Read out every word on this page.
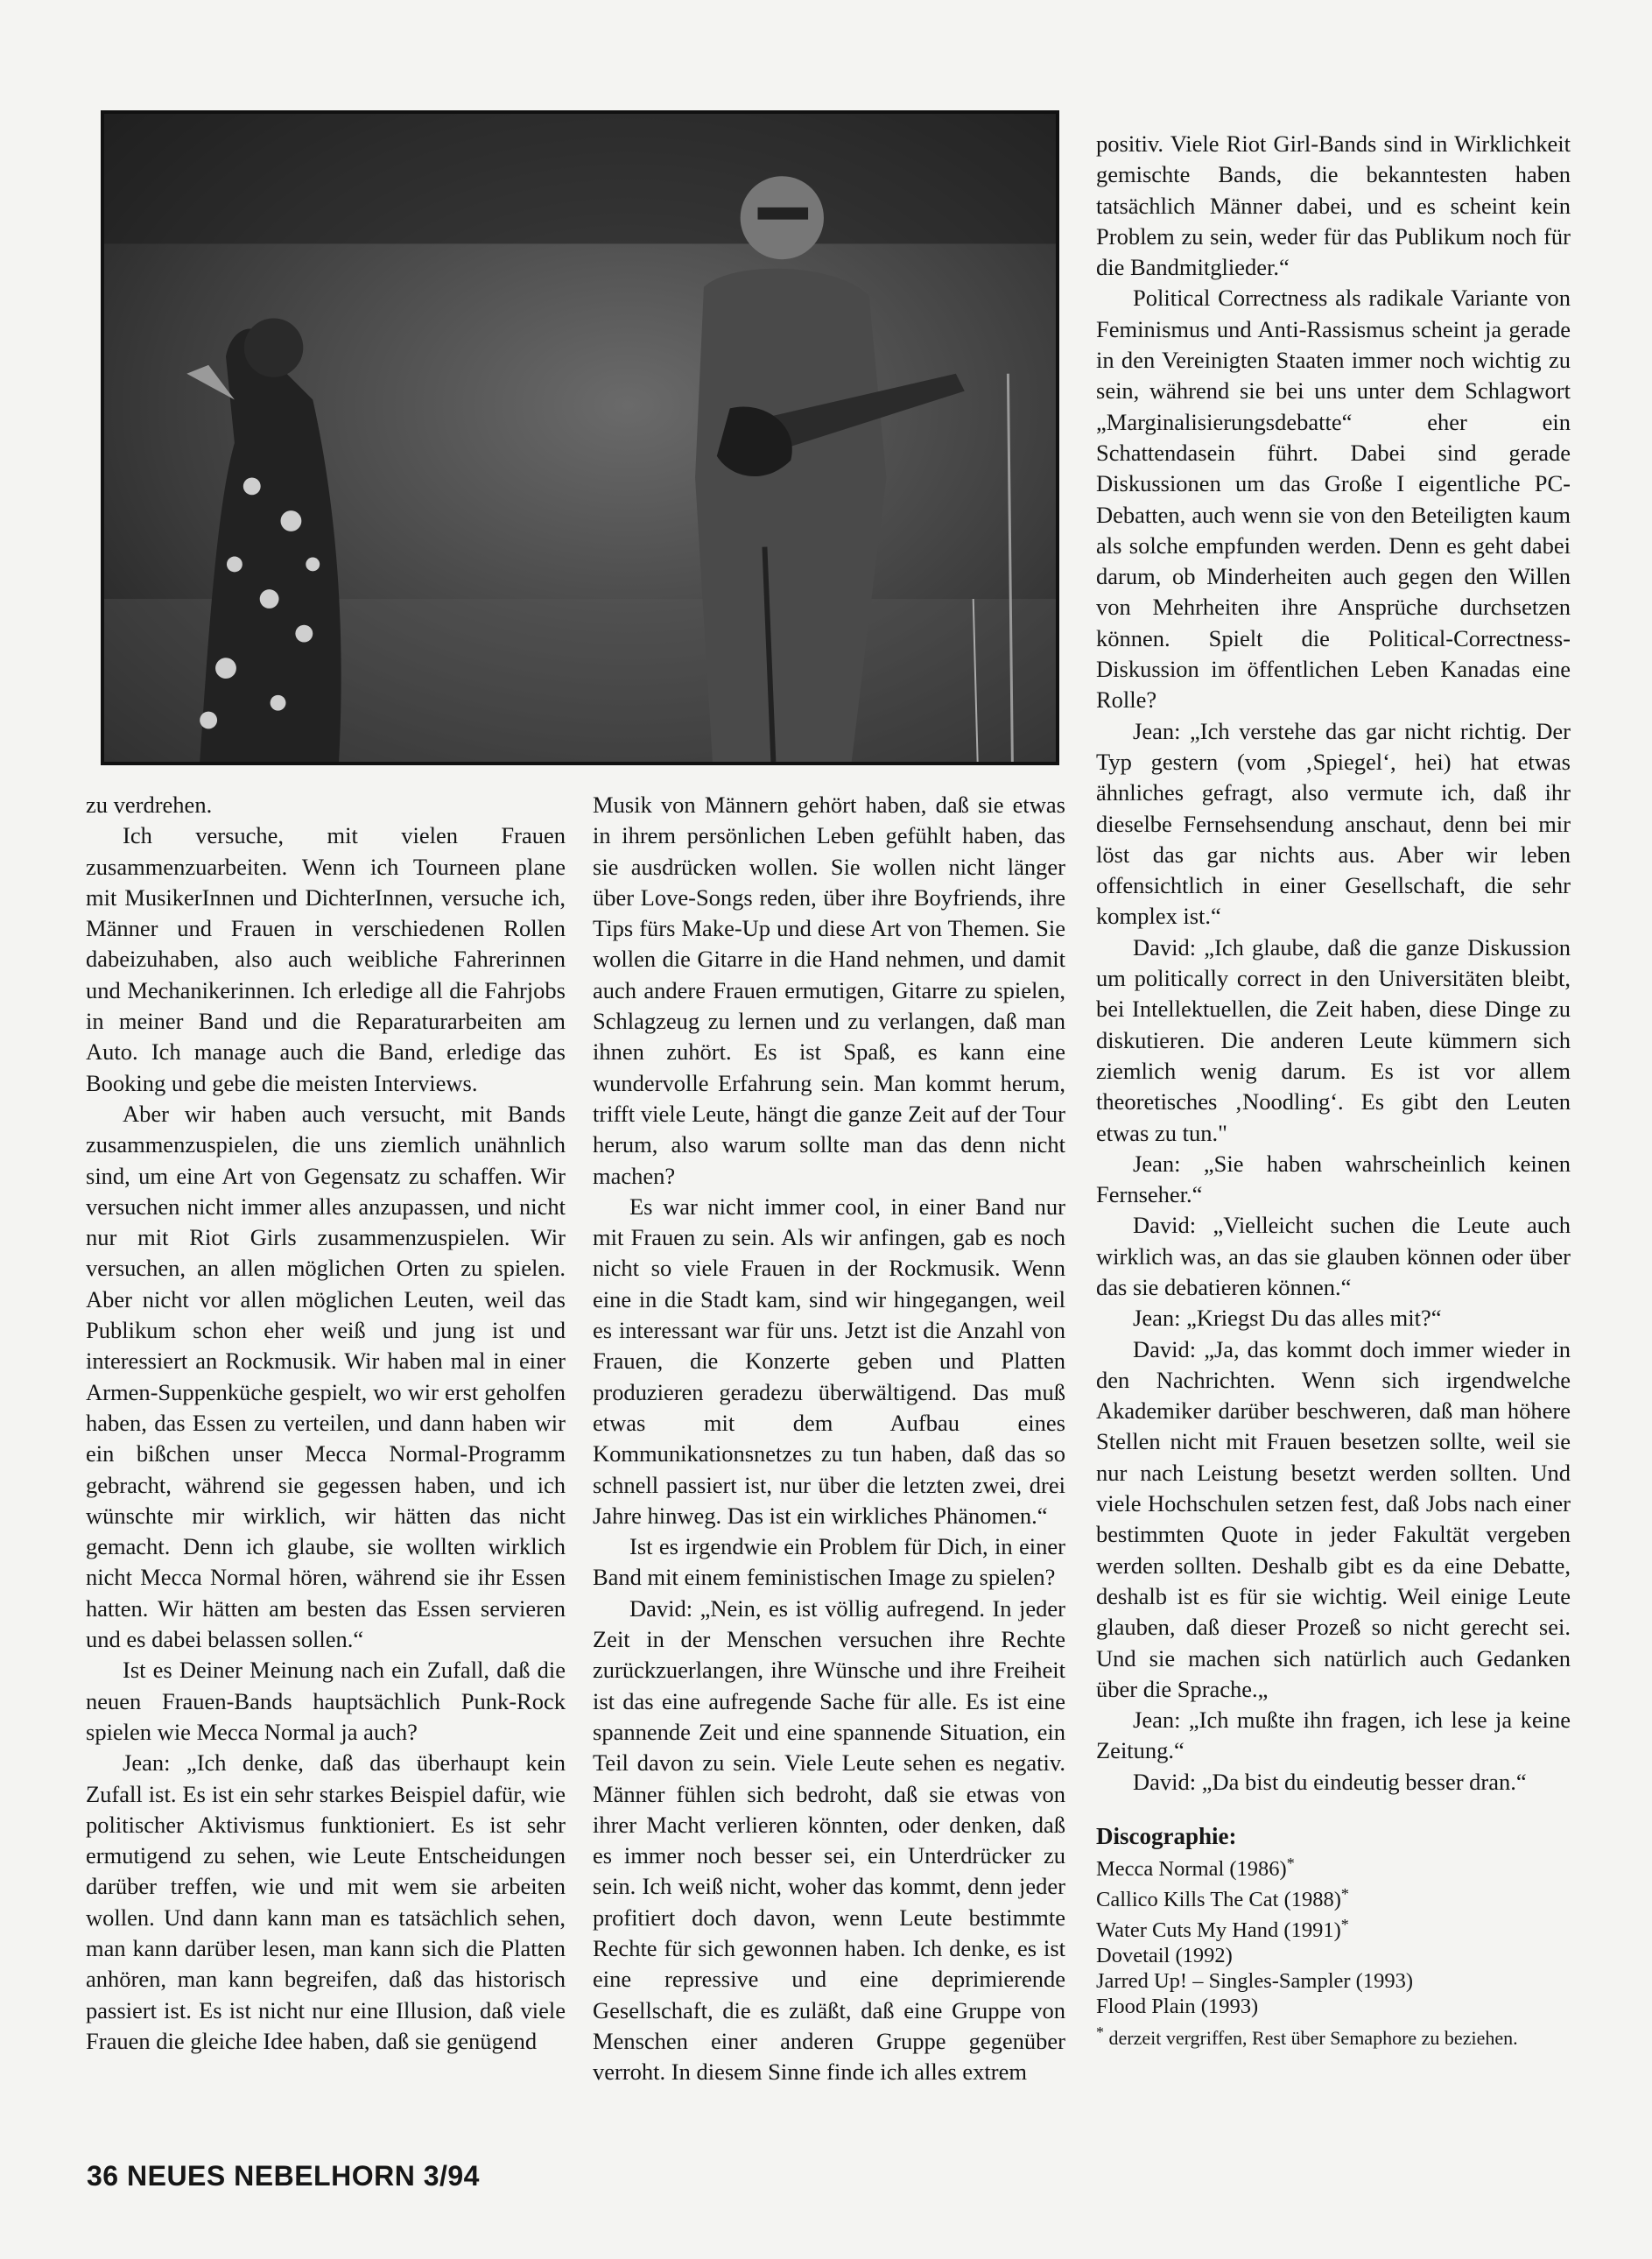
zu verdrehen.

Ich versuche, mit vielen Frauen zusammenzuarbeiten. Wenn ich Tourneen plane mit MusikerInnen und DichterInnen, versuche ich, Männer und Frauen in verschiedenen Rollen dabeizuhaben, also auch weibliche Fahrerinnen und Mechanikerinnen. Ich erledige all die Fahrjobs in meiner Band und die Reparaturarbeiten am Auto. Ich manage auch die Band, erledige das Booking und gebe die meisten Interviews.

Aber wir haben auch versucht, mit Bands zusammenzuspielen, die uns ziemlich unähnlich sind, um eine Art von Gegensatz zu schaffen. Wir versuchen nicht immer alles anzupassen, und nicht nur mit Riot Girls zusammenzuspielen. Wir versuchen, an allen möglichen Orten zu spielen. Aber nicht vor allen möglichen Leuten, weil das Publikum schon eher weiß und jung ist und interessiert an Rockmusik. Wir haben mal in einer Armen-Suppenküche gespielt, wo wir erst geholfen haben, das Essen zu verteilen, und dann haben wir ein bißchen unser Mecca Normal-Programm gebracht, während sie gegessen haben, und ich wünschte mir wirklich, wir hätten das nicht gemacht. Denn ich glaube, sie wollten wirklich nicht Mecca Normal hören, während sie ihr Essen hatten. Wir hätten am besten das Essen servieren und es dabei belassen sollen.“

Ist es Deiner Meinung nach ein Zufall, daß die neuen Frauen-Bands hauptsächlich Punk-Rock spielen wie Mecca Normal ja auch?

Jean: „Ich denke, daß das überhaupt kein Zufall ist. Es ist ein sehr starkes Beispiel dafür, wie politischer Aktivismus funktioniert. Es ist sehr ermutigend zu sehen, wie Leute Entscheidungen darüber treffen, wie und mit wem sie arbeiten wollen. Und dann kann man es tatsächlich sehen, man kann darüber lesen, man kann sich die Platten anhören, man kann begreifen, daß das historisch passiert ist. Es ist nicht nur eine Illusion, daß viele Frauen die gleiche Idee haben, daß sie genügend

Musik von Männern gehört haben, daß sie etwas in ihrem persönlichen Leben gefühlt haben, das sie ausdrücken wollen. Sie wollen nicht länger über Love-Songs reden, über ihre Boyfriends, ihre Tips fürs Make-Up und diese Art von Themen. Sie wollen die Gitarre in die Hand nehmen, und damit auch andere Frauen ermutigen, Gitarre zu spielen, Schlagzeug zu lernen und zu verlangen, daß man ihnen zuhört. Es ist Spaß, es kann eine wundervolle Erfahrung sein. Man kommt herum, trifft viele Leute, hängt die ganze Zeit auf der Tour herum, also warum sollte man das denn nicht machen?

Es war nicht immer cool, in einer Band nur mit Frauen zu sein. Als wir anfingen, gab es noch nicht so viele Frauen in der Rockmusik. Wenn eine in die Stadt kam, sind wir hingegangen, weil es interessant war für uns. Jetzt ist die Anzahl von Frauen, die Konzerte geben und Platten produzieren geradezu überwältigend. Das muß etwas mit dem Aufbau eines Kommunikationsnetzes zu tun haben, daß das so schnell passiert ist, nur über die letzten zwei, drei Jahre hinweg. Das ist ein wirkliches Phänomen.“

Ist es irgendwie ein Problem für Dich, in einer Band mit einem feministischen Image zu spielen?

David: „Nein, es ist völlig aufregend. In jeder Zeit in der Menschen versuchen ihre Rechte zurückzuerlangen, ihre Wünsche und ihre Freiheit ist das eine aufregende Sache für alle. Es ist eine spannende Zeit und eine spannende Situation, ein Teil davon zu sein. Viele Leute sehen es negativ. Männer fühlen sich bedroht, daß sie etwas von ihrer Macht verlieren könnten, oder denken, daß es immer noch besser sei, ein Unterdrücker zu sein. Ich weiß nicht, woher das kommt, denn jeder profitiert doch davon, wenn Leute bestimmte Rechte für sich gewonnen haben. Ich denke, es ist eine repressive und eine deprimierende Gesellschaft, die es zuläßt, daß eine Gruppe von Menschen einer anderen Gruppe gegenüber verroht. In diesem Sinne finde ich alles extrem

positiv. Viele Riot Girl-Bands sind in Wirklichkeit gemischte Bands, die bekanntesten haben tatsächlich Männer dabei, und es scheint kein Problem zu sein, weder für das Publikum noch für die Bandmitglieder.“

Political Correctness als radikale Variante von Feminismus und Anti-Rassismus scheint ja gerade in den Vereinigten Staaten immer noch wichtig zu sein, während sie bei uns unter dem Schlagwort „Marginalisierungsdebatte“ eher ein Schattendasein führt. Dabei sind gerade Diskussionen um das Große I eigentliche PC-Debatten, auch wenn sie von den Beteiligten kaum als solche empfunden werden. Denn es geht dabei darum, ob Minderheiten auch gegen den Willen von Mehrheiten ihre Ansprüche durchsetzen können. Spielt die Political-Correctness-Diskussion im öffentlichen Leben Kanadas eine Rolle?

Jean: „Ich verstehe das gar nicht richtig. Der Typ gestern (vom ‚Spiegel‘, hei) hat etwas ähnliches gefragt, also vermute ich, daß ihr dieselbe Fernsehsendung anschaut, denn bei mir löst das gar nichts aus. Aber wir leben offensichtlich in einer Gesellschaft, die sehr komplex ist.“

David: „Ich glaube, daß die ganze Diskussion um politically correct in den Universitäten bleibt, bei Intellektuellen, die Zeit haben, diese Dinge zu diskutieren. Die anderen Leute kümmern sich ziemlich wenig darum. Es ist vor allem theoretisches ‚Noodling‘. Es gibt den Leuten etwas zu tun."

Jean: „Sie haben wahrscheinlich keinen Fernseher.“

David: „Vielleicht suchen die Leute auch wirklich was, an das sie glauben können oder über das sie debatieren können.“

Jean: „Kriegst Du das alles mit?“

David: „Ja, das kommt doch immer wieder in den Nachrichten. Wenn sich irgendwelche Akademiker darüber beschweren, daß man höhere Stellen nicht mit Frauen besetzen sollte, weil sie nur nach Leistung besetzt werden sollten. Und viele Hochschulen setzen fest, daß Jobs nach einer bestimmten Quote in jeder Fakultät vergeben werden sollten. Deshalb gibt es da eine Debatte, deshalb ist es für sie wichtig. Weil einige Leute glauben, daß dieser Prozeß so nicht gerecht sei. Und sie machen sich natürlich auch Gedanken über die Sprache.„

Jean: „Ich mußte ihn fragen, ich lese ja keine Zeitung.“

David: „Da bist du eindeutig besser dran.“

Discographie:
Mecca Normal (1986)*
Callico Kills The Cat (1988)*
Water Cuts My Hand (1991)*
Dovetail (1992)
Jarred Up! – Singles-Sampler (1993)
Flood Plain (1993)
* derzeit vergriffen, Rest über Semaphore zu beziehen.
36 NEUES NEBELHORN 3/94
